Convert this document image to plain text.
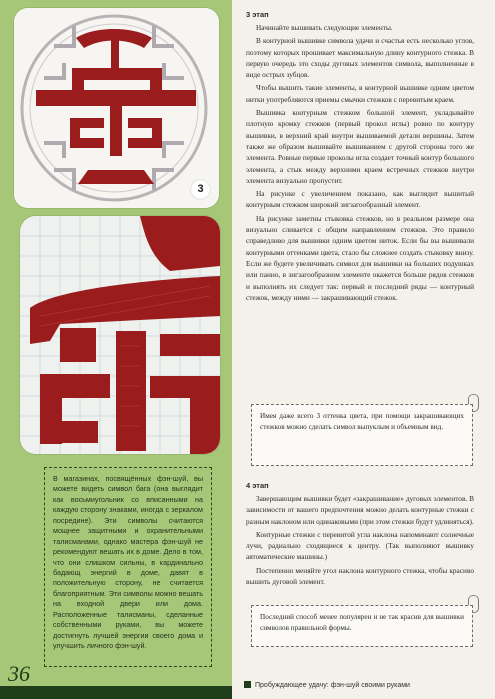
3
В магазинах, посвящённых фэн-шуй, вы можете видеть символ бага (она выглядит как восьмиугольник со вписанными на каждую сторону знаками, иногда с зеркалом посредине). Эти символы считаются мощнее защитными и охранительными талисманами, однако мастера фэн-шуй не рекомендуют вешать их в доме. Дело в том, что они слишком сильны, в кардинально бадающ энергий в доме, давят в положительную сторону, не считается благоприятным. Эти символы можно вешать на входной двери или дома. Расположенные талисманы, сделанные собственными руками, вы можете достигнуть лучшей энергии своего дома и улучшить личного фэн-шуй.
36
3 этап

Начинайте вышивать следующие элементы.

В контурной вышивке символа удачи и счастья есть несколько углов, поэтому которых прошивает максимальную длину контурного стежка. В первую очередь это сходы дуговых элементов символа, выполненные в виде острых зубцов.

Чтобы вышить такие элементы, в контурной вышивке одним цветом нитки употребляются приемы смычки стежков с перевитым краем.

Вышивка контурным стежком большой элемент, укладывайте плотную кромку стежков (первый прокол иглы) ровно по контуру вышивки, в верхний край внутри вышиваемой детали вершины. Затем также же образом вышивайте вышиванием с другой стороны того же элемента. Ровные первые проколы игла создает точный контур большого элемента, а стык между верхними краем встречных стежков внутри элемента визуально пропустит.

На рисунке с увеличением показано, как выглядит вышитый контурным стежком широкий зигзагообразный элемент.

На рисунке заметны стыковка стежков, но в реальном размере она визуально сливается с общим направлением стежков. Это правило справедливо для вышивки одним цветом ниток. Если бы вы вышивали контурными оттенками цвета, стало бы сложнее создать стыковку внизу. Если же будете увеличивать символ для вышивки на больших подушках или панно, в зигзагообразном элементе окажется больше рядов стежков и выполнять их следует так: первый и последний ряды — контурный стежок, между ними — закрашивающий стежок.

Имея даже всего 3 оттенка цвета, при помощи закрашивающих стежков можно сделать символ выпуклым и объемным вид.
4 этап

Завершающим вышивки будет «закрашивание» дуговых элементов. В зависимости от вашего предпочтения можно делать контурные стежки с разным наклоном или одинаковыми (при этом стежки будут удлиняться).

Контурные стежки с перевитой угла наклона напоминают солнечные лучи, радиально сходящиеся к центру. (Так выполняют вышивку автоматические машины.)

Постепенно меняйте угол наклона контурного стежка, чтобы красиво вышить дуговой элемент.

Последний способ менее популярен и не так красив для вышивки символов правильной формы.
Пробуждающее удачу: фэн-шуй своими руками
